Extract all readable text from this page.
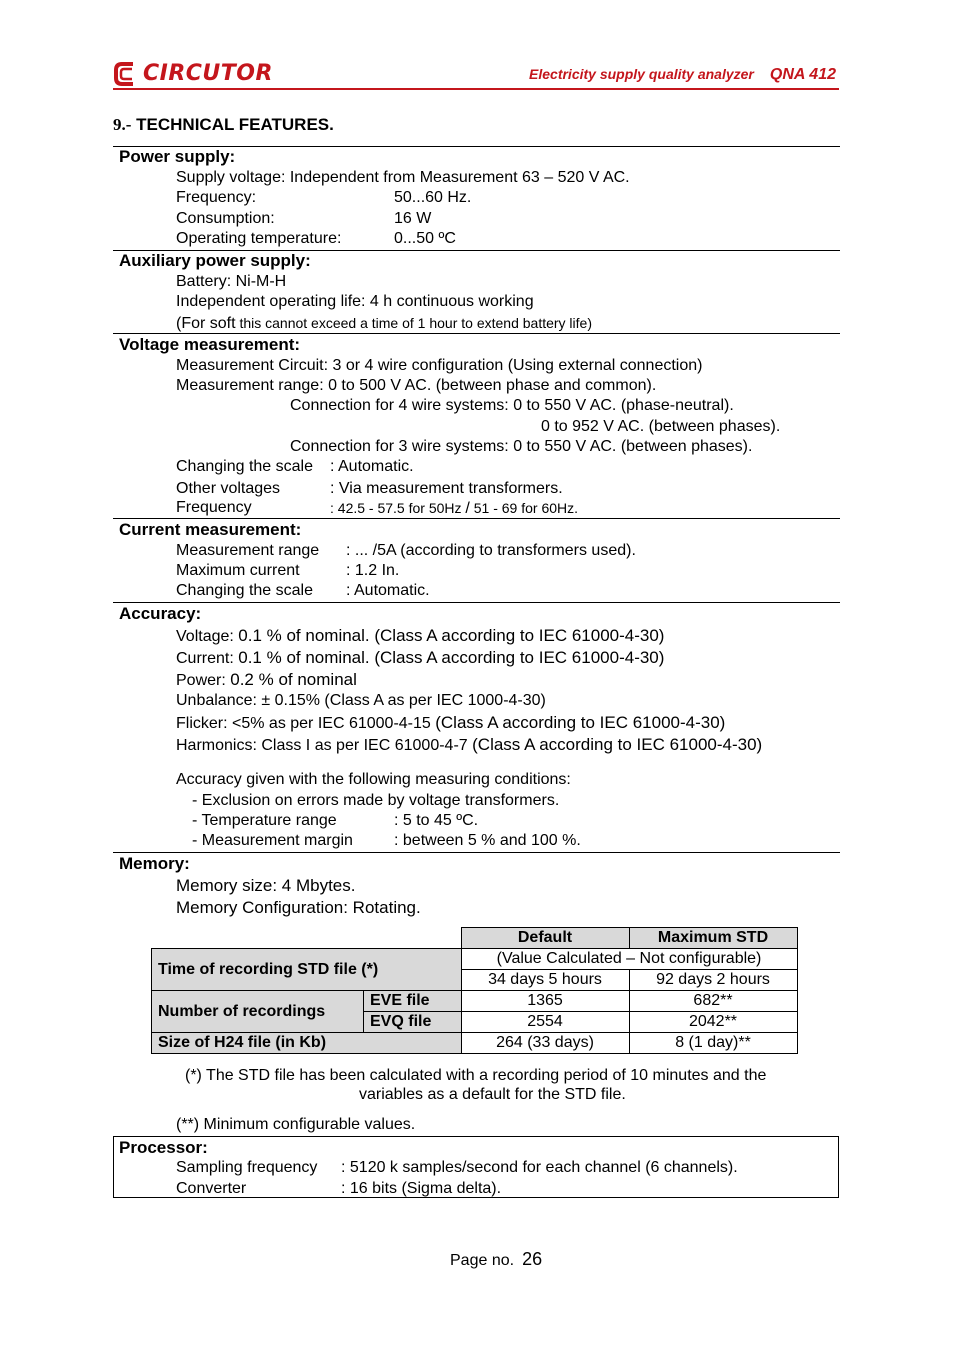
CIRCUTOR	Electricity supply quality analyzer QNA 412
9.- TECHNICAL FEATURES.
Power supply:
Supply voltage: Independent from Measurement 63 – 520 V AC.
Frequency:	50...60 Hz.
Consumption:	16 W
Operating temperature:	0...50 ºC
Auxiliary power supply:
Battery: Ni-M-H
Independent operating life: 4 h continuous working
(For soft this cannot exceed a time of 1 hour to extend battery life)
Voltage measurement:
Measurement Circuit: 3 or 4 wire configuration (Using external connection)
Measurement range: 0 to 500 V AC. (between phase and common).
Connection for 4 wire systems: 0 to 550 V AC. (phase-neutral).
0 to 952 V AC. (between phases).
Connection for 3 wire systems: 0 to 550 V AC. (between phases).
Changing the scale : Automatic.
Other voltages	: Via measurement transformers.
Frequency	: 42.5 - 57.5 for 50Hz / 51 - 69 for 60Hz.
Current measurement:
Measurement range : ... /5A (according to transformers used).
Maximum current	: 1.2 In.
Changing the scale : Automatic.
Accuracy:
Voltage: 0.1 % of nominal. (Class A according to IEC 61000-4-30)
Current: 0.1 % of nominal. (Class A according to IEC 61000-4-30)
Power: 0.2 % of nominal
Unbalance: ± 0.15% (Class A as per IEC 1000-4-30)
Flicker: <5% as per IEC 61000-4-15 (Class A according to IEC 61000-4-30)
Harmonics: Class I as per IEC 61000-4-7 (Class A according to IEC 61000-4-30)
Accuracy given with the following measuring conditions:
- Exclusion on errors made by voltage transformers.
- Temperature range	: 5 to 45 ºC.
- Measurement margin	: between 5 % and 100 %.
Memory:
Memory size: 4 Mbytes.
Memory Configuration: Rotating.
		Default	Maximum STD
Time of recording STD file (*)		(Value Calculated – Not configurable)	
		34 days 5 hours	92 days 2 hours
Number of recordings	EVE file	1365	682**
	EVQ file	2554	2042**
Size of H24 file (in Kb)		264 (33 days)	8 (1 day)**
(*) The STD file has been calculated with a recording period of 10 minutes and the
variables as a default for the STD file.
(**) Minimum configurable values.
Processor:
Sampling frequency : 5120 k samples/second for each channel (6 channels).
Converter	: 16 bits (Sigma delta).
Page no. 26
